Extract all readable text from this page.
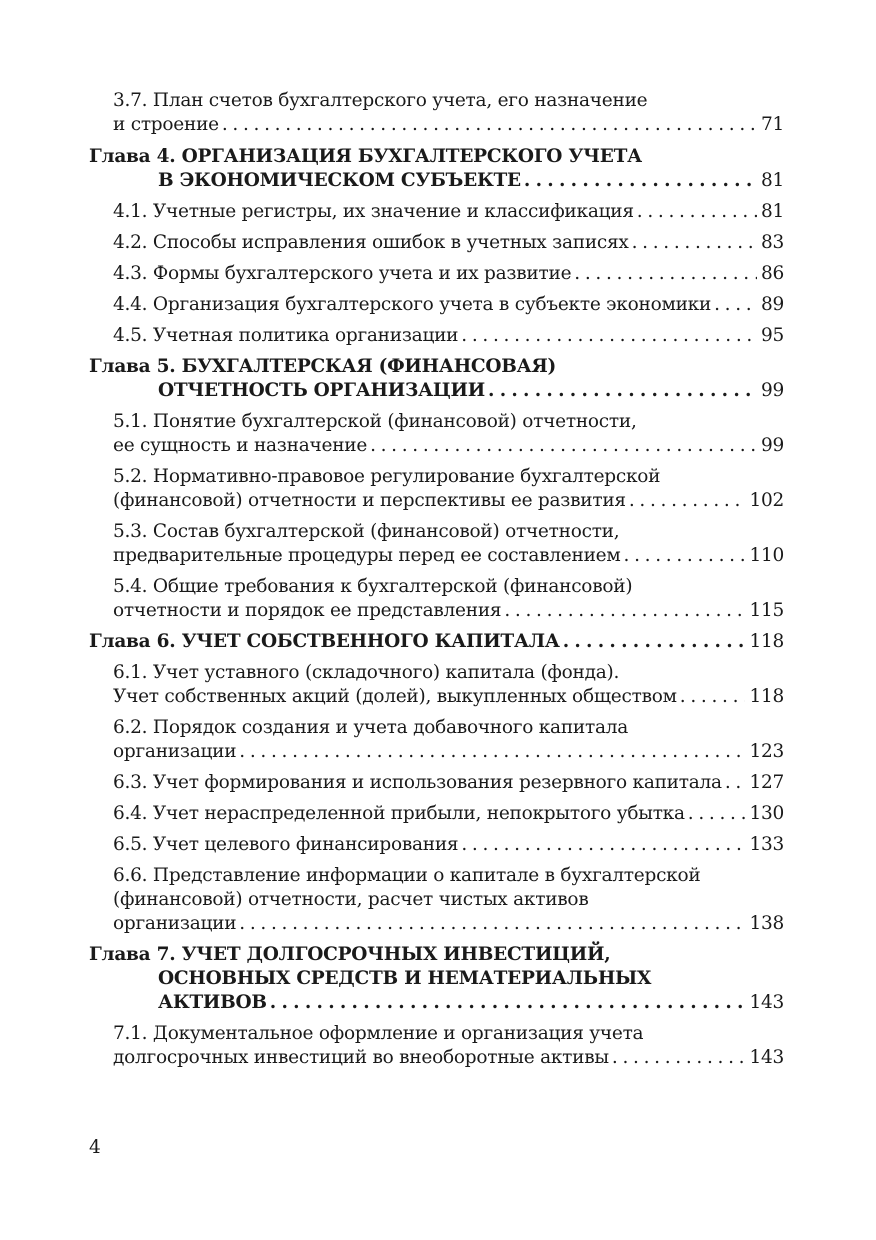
3.7. План счетов бухгалтерского учета, его назначение
и строение . . .	71
Глава 4. ОРГАНИЗАЦИЯ БУХГАЛТЕРСКОГО УЧЕТА
В ЭКОНОМИЧЕСКОМ СУБЪЕКТЕ . . .	81
4.1. Учетные регистры, их значение и классификация . . .	81
4.2. Способы исправления ошибок в учетных записях . . .	83
4.3. Формы бухгалтерского учета и их развитие . . .	86
4.4. Организация бухгалтерского учета в субъекте экономики . . .	89
4.5. Учетная политика организации . . .	95
Глава 5. БУХГАЛТЕРСКАЯ (ФИНАНСОВАЯ)
ОТЧЕТНОСТЬ ОРГАНИЗАЦИИ . . .	99
5.1. Понятие бухгалтерской (финансовой) отчетности,
ее сущность и назначение . . .	99
5.2. Нормативно-правовое регулирование бухгалтерской
(финансовой) отчетности и перспективы ее развития . . .	102
5.3. Состав бухгалтерской (финансовой) отчетности,
предварительные процедуры перед ее составлением . . .	110
5.4. Общие требования к бухгалтерской (финансовой)
отчетности и порядок ее представления . . .	115
Глава 6. УЧЕТ СОБСТВЕННОГО КАПИТАЛА . . .	118
6.1. Учет уставного (складочного) капитала (фонда).
Учет собственных акций (долей), выкупленных обществом . . .	118
6.2. Порядок создания и учета добавочного капитала
организации . . .	123
6.3. Учет формирования и использования резервного капитала . . . 127
6.4. Учет нераспределенной прибыли, непокрытого убытка . . .	130
6.5. Учет целевого финансирования . . .	133
6.6. Представление информации о капитале в бухгалтерской
(финансовой) отчетности, расчет чистых активов
организации . . .	138
Глава 7. УЧЕТ ДОЛГОСРОЧНЫХ ИНВЕСТИЦИЙ,
ОСНОВНЫХ СРЕДСТВ И НЕМАТЕРИАЛЬНЫХ
АКТИВОВ . . .	143
7.1. Документальное оформление и организация учета
долгосрочных инвестиций во внеоборотные активы . . .	143
4
